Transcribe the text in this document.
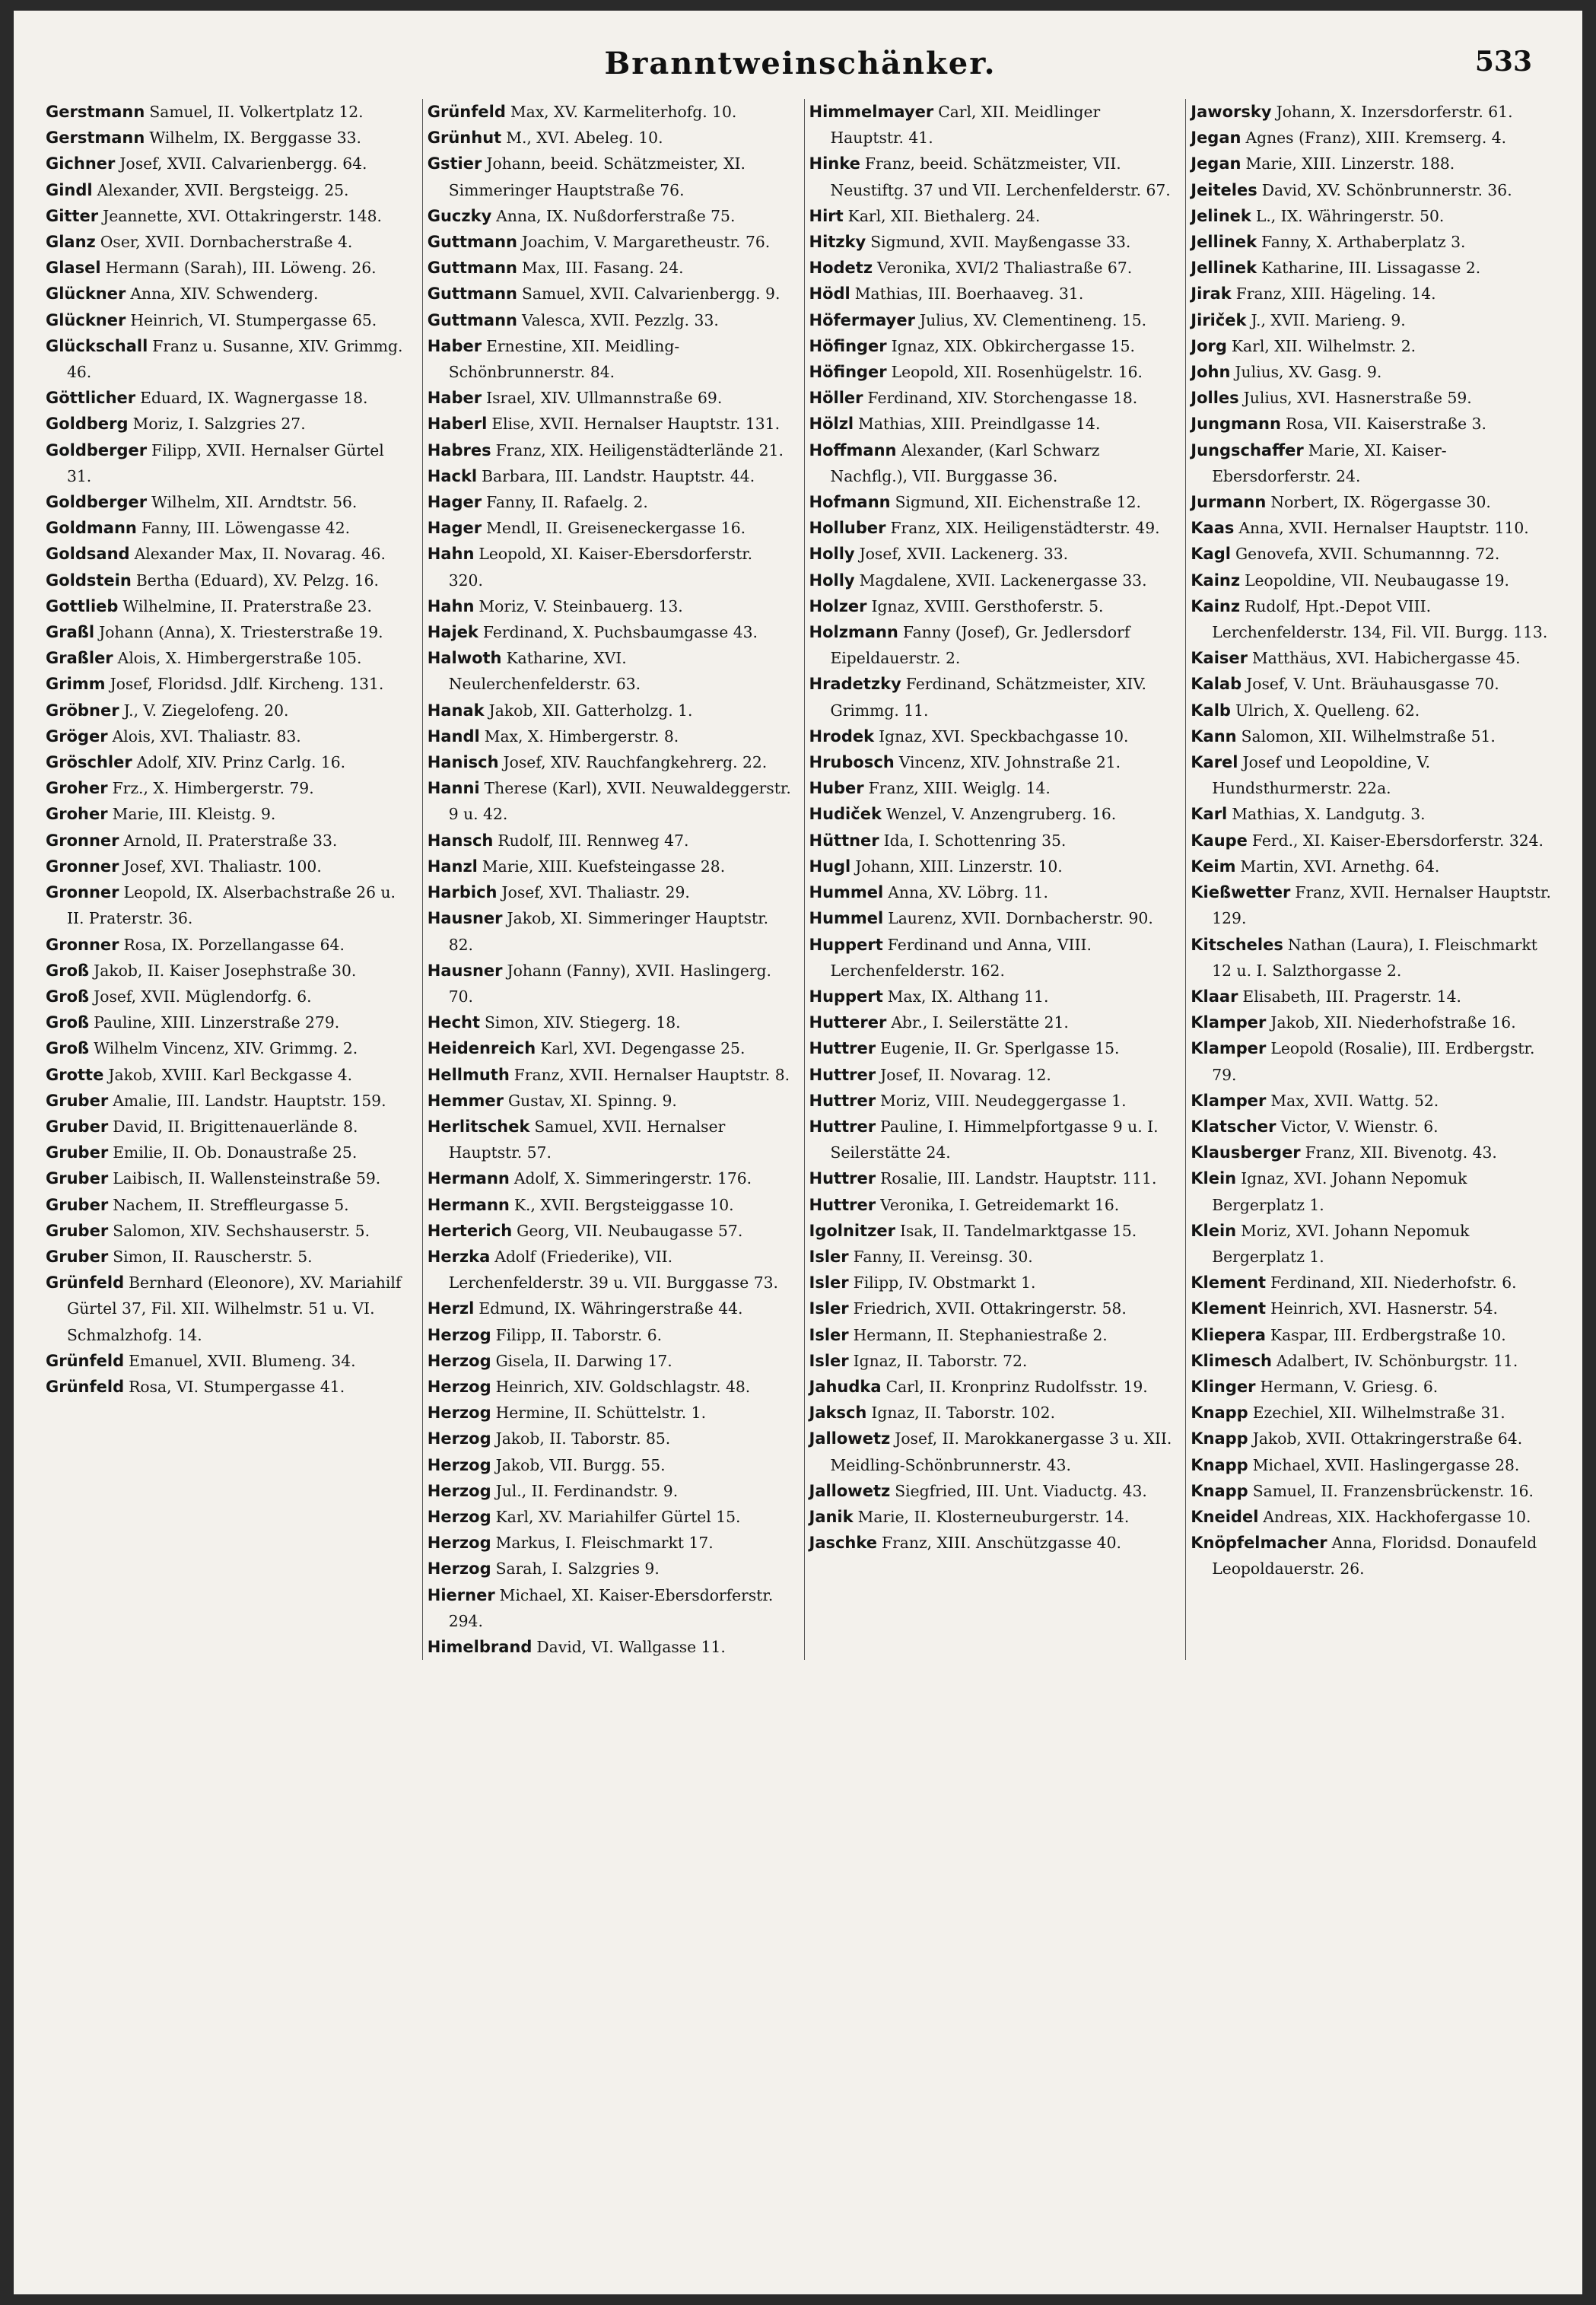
Branntweinschänker.	533
Gerstmann Samuel, II. Volkertplatz 12.
Gerstmann Wilhelm, IX. Berggasse 33.
Gichner Josef, XVII. Calvarienbergg. 64.
Gindl Alexander, XVII. Bergsteigg. 25.
Gitter Jeannette, XVI. Ottakringerstr. 148.
Glanz Oser, XVII. Dornbacherstraße 4.
Glasel Hermann (Sarah), III. Löweng. 26.
Glückner Anna, XIV. Schwenderg.
Glückner Heinrich, VI. Stumpergasse 65.
Glückschall Franz u. Susanne, XIV. Grimmg. 46.
Göttlicher Eduard, IX. Wagnergasse 18.
Goldberg Moriz, I. Salzgries 27.
Goldberger Filipp, XVII. Hernalser Gürtel 31.
Goldberger Wilhelm, XII. Arndtstr. 56.
Goldmann Fanny, III. Löwengasse 42.
Goldsand Alexander Max, II. Novarag. 46.
Goldstein Bertha (Eduard), XV. Pelzg. 16.
Gottlieb Wilhelmine, II. Praterstraße 23.
Graßl Johann (Anna), X. Triesterstraße 19.
Graßler Alois, X. Himbergerstraße 105.
Grimm Josef, Floridsd. Jdlf. Kircheng. 131.
Gröbner J., V. Ziegelofeng. 20.
Gröger Alois, XVI. Thaliastr. 83.
Gröschler Adolf, XIV. Prinz Carlg. 16.
Groher Frz., X. Himbergerstr. 79.
Groher Marie, III. Kleistg. 9.
Gronner Arnold, II. Praterstraße 33.
Gronner Josef, XVI. Thaliastr. 100.
Gronner Leopold, IX. Alserbachstraße 26 u. II. Praterstr. 36.
Gronner Rosa, IX. Porzellangasse 64.
Groß Jakob, II. Kaiser Josephstraße 30.
Groß Josef, XVII. Müglendorfg. 6.
Groß Pauline, XIII. Linzerstraße 279.
Groß Wilhelm Vincenz, XIV. Grimmg. 2.
Grotte Jakob, XVIII. Karl Beckgasse 4.
Gruber Amalie, III. Landstr. Hauptstr. 159.
Gruber David, II. Brigittenauerlände 8.
Gruber Emilie, II. Ob. Donaustraße 25.
Gruber Laibisch, II. Wallensteinstraße 59.
Gruber Nachem, II. Streffleurgasse 5.
Gruber Salomon, XIV. Sechshauserstr. 5.
Gruber Simon, II. Rauscherstr. 5.
Grünfeld Bernhard (Eleonore), XV. Mariahilf Gürtel 37, Fil. XII. Wilhelmstr. 51 u. VI. Schmalzhofg. 14.
Grünfeld Emanuel, XVII. Blumeng. 34.
Grünfeld Rosa, VI. Stumpergasse 41.
Grünfeld Max, XV. Karmeliterhofg. 10.
Grünhut M., XVI. Abeleg. 10.
Gstier Johann, beeid. Schätzmeister, XI. Simmeringer Hauptstraße 76.
Guczky Anna, IX. Nußdorferstraße 75.
Guttmann Joachim, V. Margaretheustr. 76.
Guttmann Max, III. Fasang. 24.
Guttmann Samuel, XVII. Calvarienbergg. 9.
Guttmann Valesca, XVII. Pezzlg. 33.
Haber Ernestine, XII. Meidling-Schönbrunnerstr. 84.
Haber Israel, XIV. Ullmannstraße 69.
Haberl Elise, XVII. Hernalser Hauptstr. 131.
Habres Franz, XIX. Heiligenstädterlände 21.
Hackl Barbara, III. Landstr. Hauptstr. 44.
Hager Fanny, II. Rafaelg. 2.
Hager Mendl, II. Greiseneckergasse 16.
Hahn Leopold, XI. Kaiser-Ebersdorferstr. 320.
Hahn Moriz, V. Steinbauerg. 13.
Hajek Ferdinand, X. Puchsbaumgasse 43.
Halwoth Katharine, XVI. Neulerchenfelderstr. 63.
Hanak Jakob, XII. Gatterholzg. 1.
Handl Max, X. Himbergerstr. 8.
Hanisch Josef, XIV. Rauchfangkehrerg. 22.
Hanni Therese (Karl), XVII. Neuwaldeggerstr. 9 u. 42.
Hansch Rudolf, III. Rennweg 47.
Hanzl Marie, XIII. Kuefsteingasse 28.
Harbich Josef, XVI. Thaliastr. 29.
Hausner Jakob, XI. Simmeringer Hauptstr. 82.
Hausner Johann (Fanny), XVII. Haslingerg. 70.
Hecht Simon, XIV. Stiegerg. 18.
Heidenreich Karl, XVI. Degengasse 25.
Hellmuth Franz, XVII. Hernalser Hauptstr. 8.
Hemmer Gustav, XI. Spinng. 9.
Herlitschek Samuel, XVII. Hernalser Hauptstr. 57.
Hermann Adolf, X. Simmeringerstr. 176.
Hermann K., XVII. Bergsteiggasse 10.
Herterich Georg, VII. Neubaugasse 57.
Herzka Adolf (Friederike), VII. Lerchenfelderstr. 39 u. VII. Burggasse 73.
Herzl Edmund, IX. Währingerstraße 44.
Herzog Filipp, II. Taborstr. 6.
Herzog Gisela, II. Darwing 17.
Herzog Heinrich, XIV. Goldschlagstr. 48.
Herzog Hermine, II. Schüttelstr. 1.
Herzog Jakob, II. Taborstr. 85.
Herzog Jakob, VII. Burgg. 55.
Herzog Jul., II. Ferdinandstr. 9.
Herzog Karl, XV. Mariahilfer Gürtel 15.
Herzog Markus, I. Fleischmarkt 17.
Herzog Sarah, I. Salzgries 9.
Hierner Michael, XI. Kaiser-Ebersdorferstr. 294.
Himelbrand David, VI. Wallgasse 11.
Himmelmayer Carl, XII. Meidlinger Hauptstr. 41.
Hinke Franz, beeid. Schätzmeister, VII. Neustiftg. 37 und VII. Lerchenfelderstr. 67.
Hirt Karl, XII. Biethalerg. 24.
Hitzky Sigmund, XVII. Mayßengasse 33.
Hodetz Veronika, XVI/2 Thaliastraße 67.
Hödl Mathias, III. Boerhaaveg. 31.
Höfermayer Julius, XV. Clementineng. 15.
Höfinger Ignaz, XIX. Obkirchergasse 15.
Höfinger Leopold, XII. Rosenhügelstr. 16.
Höller Ferdinand, XIV. Storchengasse 18.
Hölzl Mathias, XIII. Preindlgasse 14.
Hoffmann Alexander, (Karl Schwarz Nachflg.), VII. Burggasse 36.
Hofmann Sigmund, XII. Eichenstraße 12.
Holluber Franz, XIX. Heiligenstädterstr. 49.
Holly Josef, XVII. Lackenerg. 33.
Holly Magdalene, XVII. Lackenergasse 33.
Holzer Ignaz, XVIII. Gersthoferstr. 5.
Holzmann Fanny (Josef), Gr. Jedlersdorf Eipeldauerstr. 2.
Hradetzky Ferdinand, Schätzmeister, XIV. Grimmg. 11.
Hrodek Ignaz, XVI. Speckbachgasse 10.
Hrubosch Vincenz, XIV. Johnstraße 21.
Huber Franz, XIII. Weiglg. 14.
Hudiček Wenzel, V. Anzengruberg. 16.
Hüttner Ida, I. Schottenring 35.
Hugl Johann, XIII. Linzerstr. 10.
Hummel Anna, XV. Löbrg. 11.
Hummel Laurenz, XVII. Dornbacherstr. 90.
Huppert Ferdinand und Anna, VIII. Lerchenfelderstr. 162.
Huppert Max, IX. Althang 11.
Hutterer Abr., I. Seilerstätte 21.
Huttrer Eugenie, II. Gr. Sperlgasse 15.
Huttrer Josef, II. Novarag. 12.
Huttrer Moriz, VIII. Neudeggergasse 1.
Huttrer Pauline, I. Himmelpfortgasse 9 u. I. Seilerstätte 24.
Huttrer Rosalie, III. Landstr. Hauptstr. 111.
Huttrer Veronika, I. Getreidemarkt 16.
Igolnitzer Isak, II. Tandelmarktgasse 15.
Isler Fanny, II. Vereinsg. 30.
Isler Filipp, IV. Obstmarkt 1.
Isler Friedrich, XVII. Ottakringerstr. 58.
Isler Hermann, II. Stephaniestraße 2.
Isler Ignaz, II. Taborstr. 72.
Jahudka Carl, II. Kronprinz Rudolfsstr. 19.
Jaksch Ignaz, II. Taborstr. 102.
Jallowetz Josef, II. Marokkanergasse 3 u. XII. Meidling-Schönbrunnerstr. 43.
Jallowetz Siegfried, III. Unt. Viaductg. 43.
Janik Marie, II. Klosterneuburgerstr. 14.
Jaschke Franz, XIII. Anschützgasse 40.
Jaworsky Johann, X. Inzersdorferstr. 61.
Jegan Agnes (Franz), XIII. Kremserg. 4.
Jegan Marie, XIII. Linzerstr. 188.
Jeiteles David, XV. Schönbrunnerstr. 36.
Jelinek L., IX. Währingerstr. 50.
Jellinek Fanny, X. Arthaberplatz 3.
Jellinek Katharine, III. Lissagasse 2.
Jirak Franz, XIII. Hägeling. 14.
Jiriček J., XVII. Marieng. 9.
Jorg Karl, XII. Wilhelmstr. 2.
John Julius, XV. Gasg. 9.
Jolles Julius, XVI. Hasnerstraße 59.
Jungmann Rosa, VII. Kaiserstraße 3.
Jungschaffer Marie, XI. Kaiser-Ebersdorferstr. 24.
Jurmann Norbert, IX. Rögergasse 30.
Kaas Anna, XVII. Hernalser Hauptstr. 110.
Kagl Genovefa, XVII. Schumannng. 72.
Kainz Leopoldine, VII. Neubaugasse 19.
Kainz Rudolf, Hpt.-Depot VIII. Lerchenfelderstr. 134, Fil. VII. Burgg. 113.
Kaiser Matthäus, XVI. Habichergasse 45.
Kalab Josef, V. Unt. Bräuhausgasse 70.
Kalb Ulrich, X. Quelleng. 62.
Kann Salomon, XII. Wilhelmstraße 51.
Karel Josef und Leopoldine, V. Hundsthurmerstr. 22a.
Karl Mathias, X. Landgutg. 3.
Kaupe Ferd., XI. Kaiser-Ebersdorferstr. 324.
Keim Martin, XVI. Arnethg. 64.
Kießwetter Franz, XVII. Hernalser Hauptstr. 129.
Kitscheles Nathan (Laura), I. Fleischmarkt 12 u. I. Salzthorgasse 2.
Klaar Elisabeth, III. Pragerstr. 14.
Klamper Jakob, XII. Niederhofstraße 16.
Klamper Leopold (Rosalie), III. Erdbergstr. 79.
Klamper Max, XVII. Wattg. 52.
Klatscher Victor, V. Wienstr. 6.
Klausberger Franz, XII. Bivenotg. 43.
Klein Ignaz, XVI. Johann Nepomuk Bergerplatz 1.
Klein Moriz, XVI. Johann Nepomuk Bergerplatz 1.
Klement Ferdinand, XII. Niederhofstr. 6.
Klement Heinrich, XVI. Hasnerstr. 54.
Kliepera Kaspar, III. Erdbergstraße 10.
Klimesch Adalbert, IV. Schönburgstr. 11.
Klinger Hermann, V. Griesg. 6.
Knapp Ezechiel, XII. Wilhelmstraße 31.
Knapp Jakob, XVII. Ottakringerstraße 64.
Knapp Michael, XVII. Haslingergasse 28.
Knapp Samuel, II. Franzensbrückenstr. 16.
Kneidel Andreas, XIX. Hackhofergasse 10.
Knöpfelmacher Anna, Floridsd. Donaufeld Leopoldauerstr. 26.
